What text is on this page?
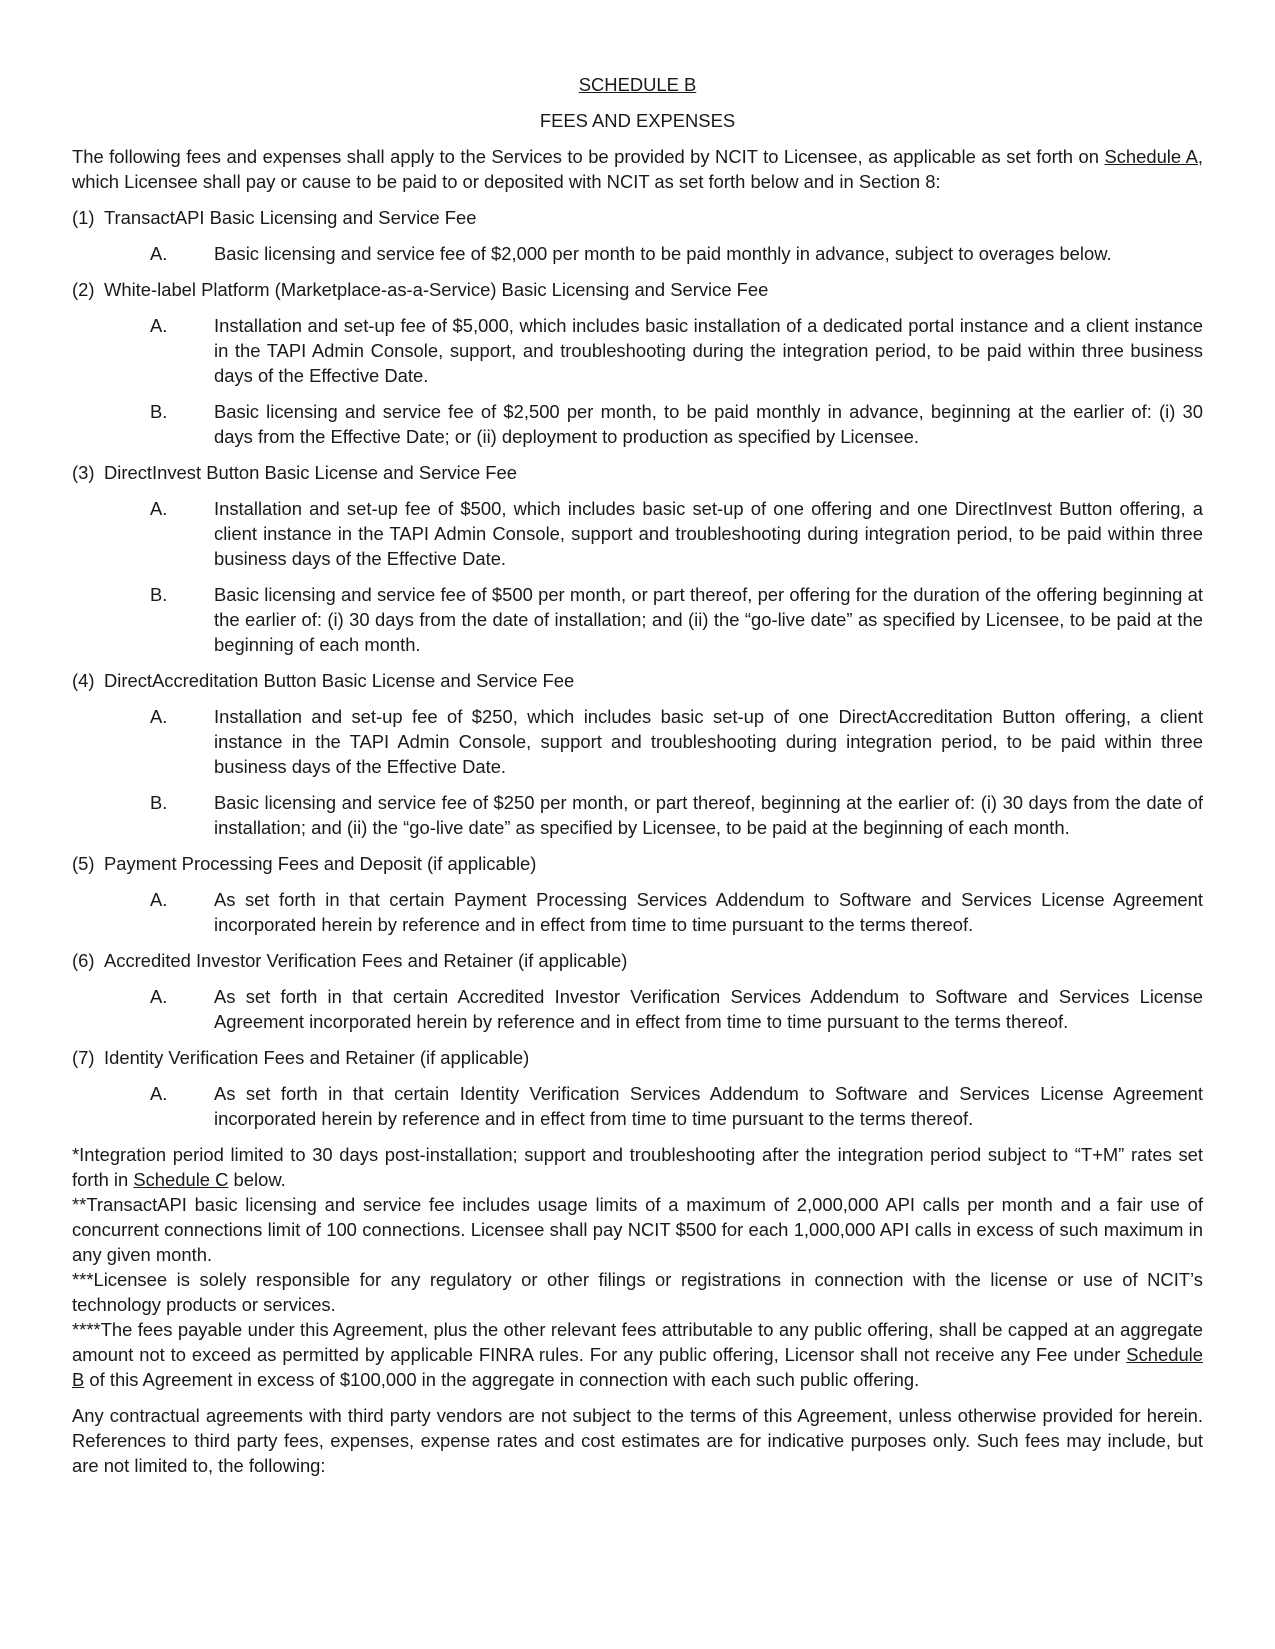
SCHEDULE B
FEES AND EXPENSES

The following fees and expenses shall apply to the Services to be provided by NCIT to Licensee, as applicable as set forth on Schedule A, which Licensee shall pay or cause to be paid to or deposited with NCIT as set forth below and in Section 8:

(1) TransactAPI Basic Licensing and Service Fee
A.	Basic licensing and service fee of $2,000 per month to be paid monthly in advance, subject to overages below.
(2) White-label Platform (Marketplace-as-a-Service) Basic Licensing and Service Fee
A.	Installation and set-up fee of $5,000, which includes basic installation of a dedicated portal instance and a client instance in the TAPI Admin Console, support, and troubleshooting during the integration period, to be paid within three business days of the Effective Date.
B.	Basic licensing and service fee of $2,500 per month, to be paid monthly in advance, beginning at the earlier of: (i) 30 days from the Effective Date; or (ii) deployment to production as specified by Licensee.
(3) DirectInvest Button Basic License and Service Fee
A.	Installation and set-up fee of $500, which includes basic set-up of one offering and one DirectInvest Button offering, a client instance in the TAPI Admin Console, support and troubleshooting during integration period, to be paid within three business days of the Effective Date.
B.	Basic licensing and service fee of $500 per month, or part thereof, per offering for the duration of the offering beginning at the earlier of: (i) 30 days from the date of installation; and (ii) the “go-live date” as specified by Licensee, to be paid at the beginning of each month.
(4) DirectAccreditation Button Basic License and Service Fee
A.	Installation and set-up fee of $250, which includes basic set-up of one DirectAccreditation Button offering, a client instance in the TAPI Admin Console, support and troubleshooting during integration period, to be paid within three business days of the Effective Date.
B.	Basic licensing and service fee of $250 per month, or part thereof, beginning at the earlier of: (i) 30 days from the date of installation; and (ii) the “go-live date” as specified by Licensee, to be paid at the beginning of each month.
(5) Payment Processing Fees and Deposit (if applicable)
A.	As set forth in that certain Payment Processing Services Addendum to Software and Services License Agreement incorporated herein by reference and in effect from time to time pursuant to the terms thereof.
(6) Accredited Investor Verification Fees and Retainer (if applicable)
A.	As set forth in that certain Accredited Investor Verification Services Addendum to Software and Services License Agreement incorporated herein by reference and in effect from time to time pursuant to the terms thereof.
(7) Identity Verification Fees and Retainer (if applicable)
A.	As set forth in that certain Identity Verification Services Addendum to Software and Services License Agreement incorporated herein by reference and in effect from time to time pursuant to the terms thereof.

*Integration period limited to 30 days post-installation; support and troubleshooting after the integration period subject to “T+M” rates set forth in Schedule C below.

**TransactAPI basic licensing and service fee includes usage limits of a maximum of 2,000,000 API calls per month and a fair use of concurrent connections limit of 100 connections. Licensee shall pay NCIT $500 for each 1,000,000 API calls in excess of such maximum in any given month.

***Licensee is solely responsible for any regulatory or other filings or registrations in connection with the license or use of NCIT’s technology products or services.

****The fees payable under this Agreement, plus the other relevant fees attributable to any public offering, shall be capped at an aggregate amount not to exceed as permitted by applicable FINRA rules. For any public offering, Licensor shall not receive any Fee under Schedule B of this Agreement in excess of $100,000 in the aggregate in connection with each such public offering.

Any contractual agreements with third party vendors are not subject to the terms of this Agreement, unless otherwise provided for herein. References to third party fees, expenses, expense rates and cost estimates are for indicative purposes only. Such fees may include, but are not limited to, the following:
